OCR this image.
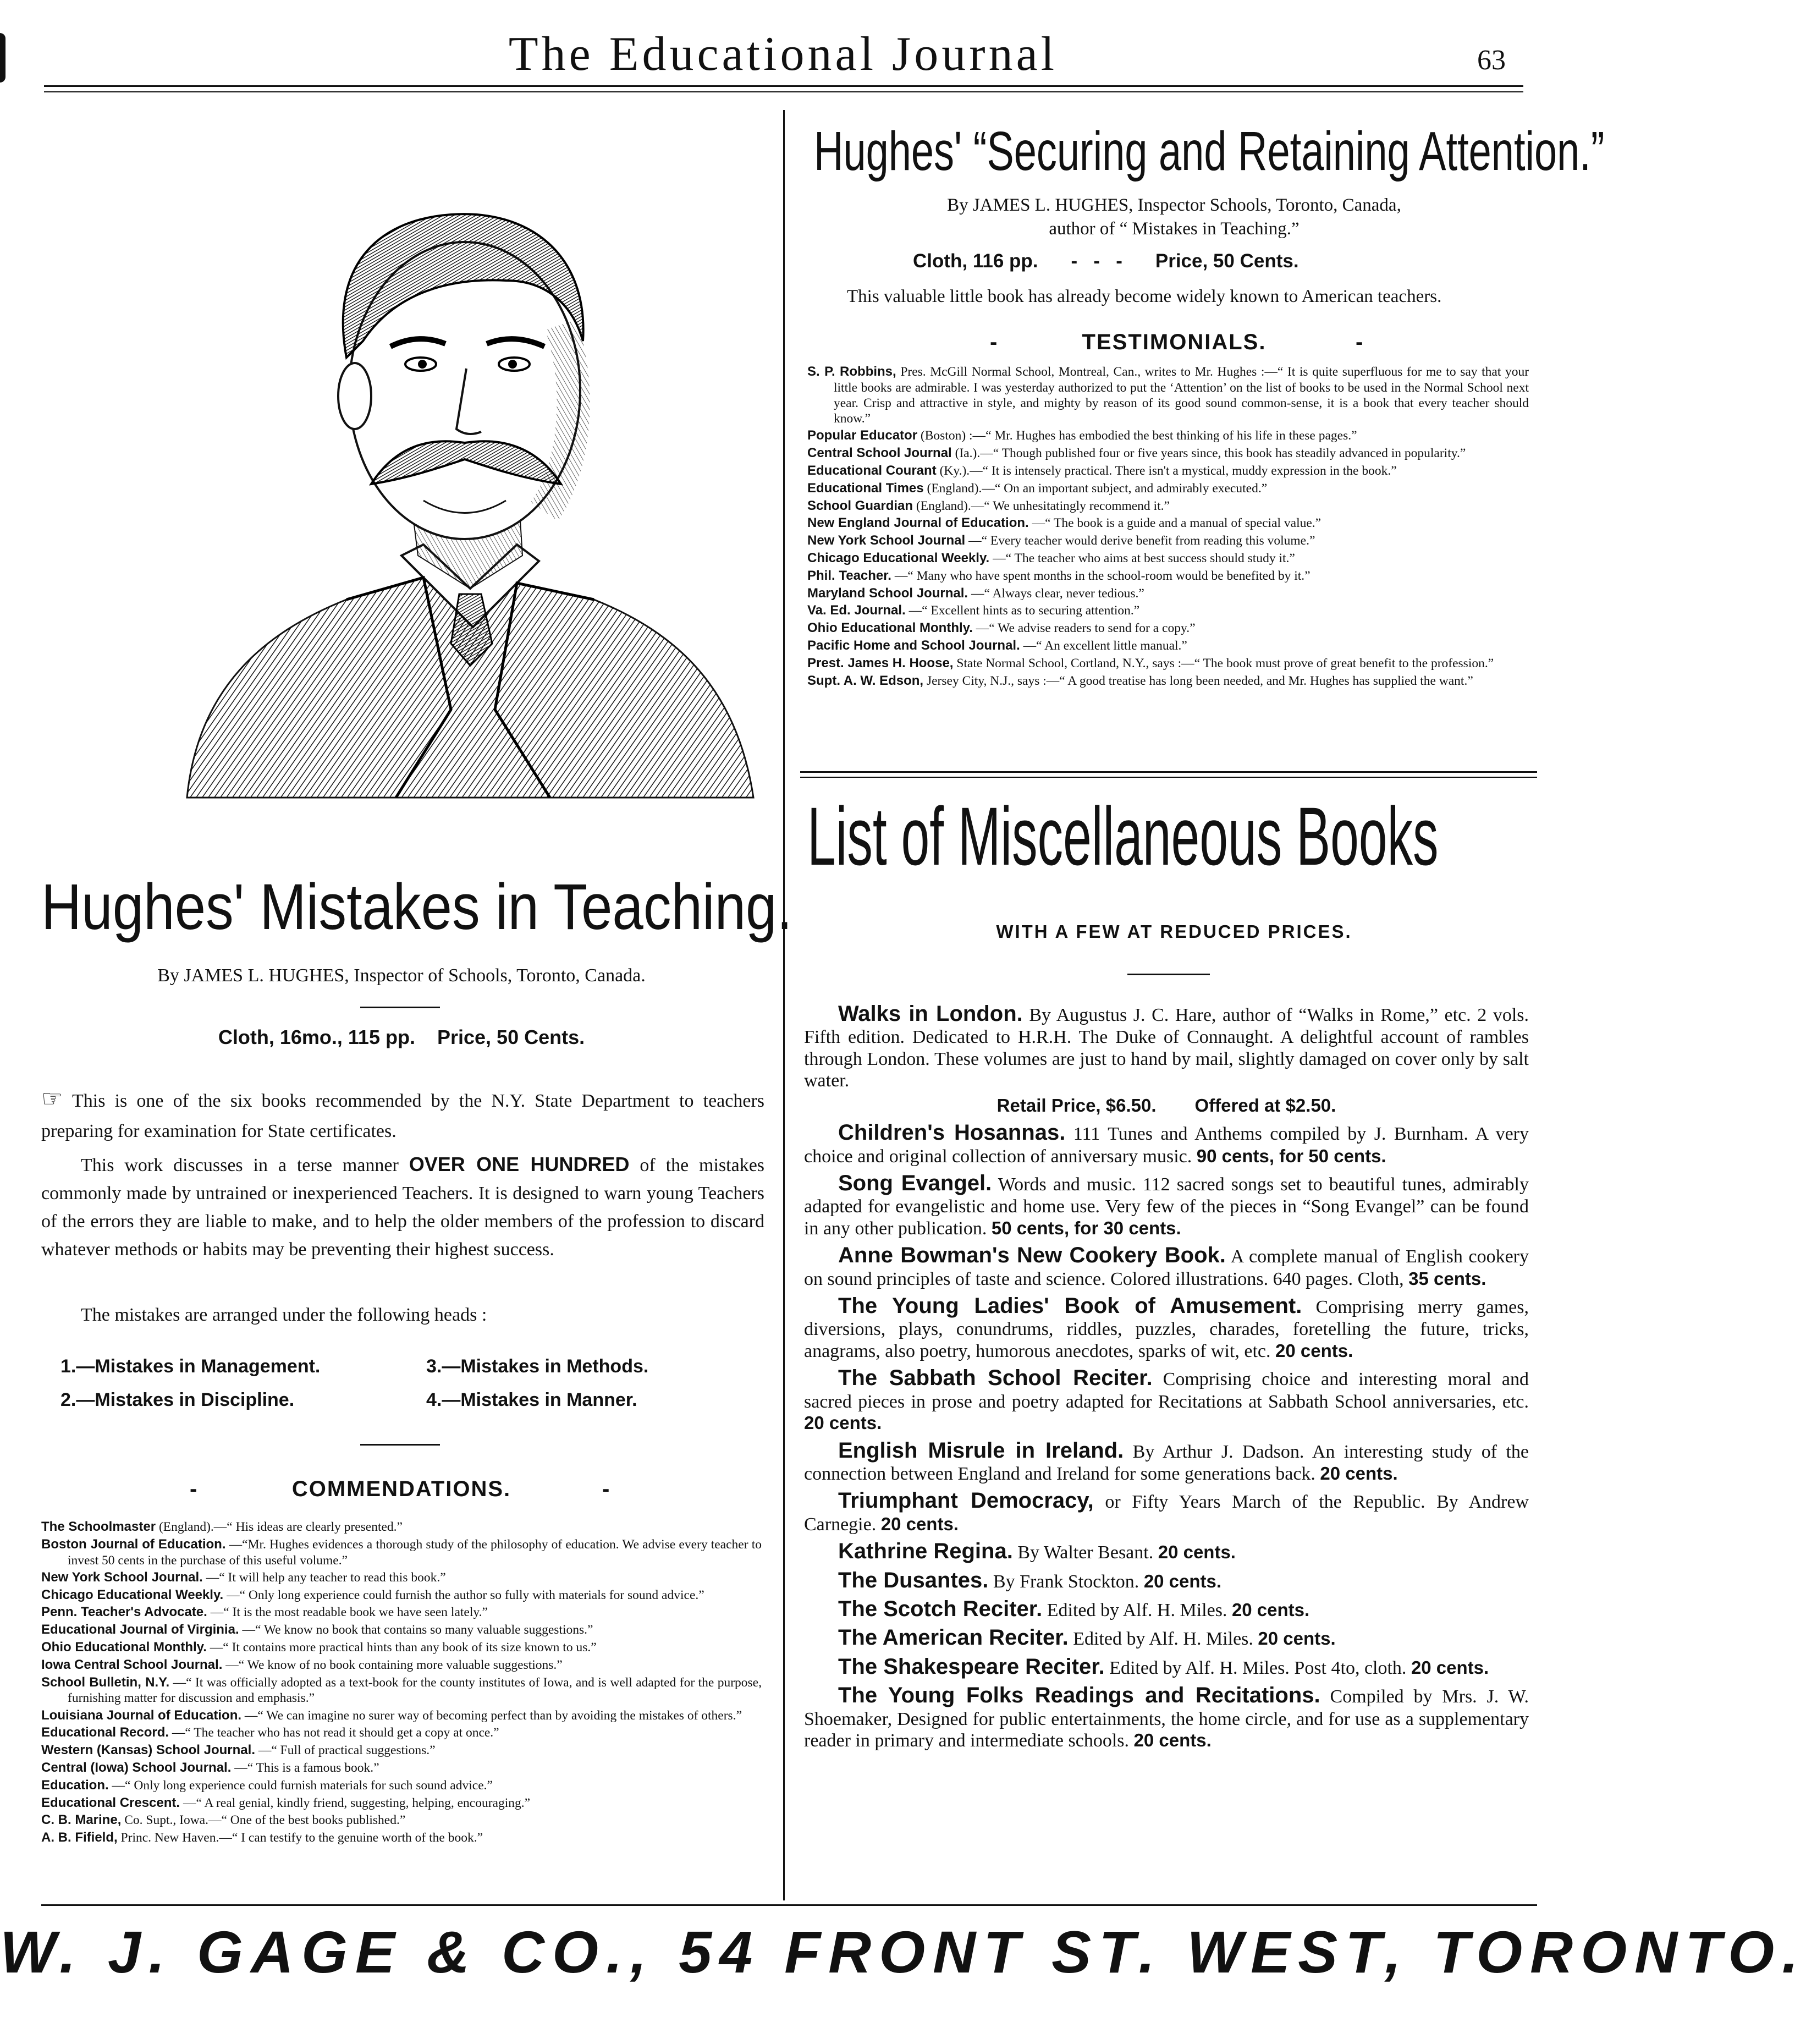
The Educational Journal	63
Hughes' Mistakes in Teaching.
By JAMES L. HUGHES, Inspector of Schools, Toronto, Canada.
Cloth, 16mo., 115 pp. Price, 50 Cents.
☞ This is one of the six books recommended by the N.Y. State Department to teachers preparing for examination for State certificates.
This work discusses in a terse manner OVER ONE HUNDRED of the mistakes commonly made by untrained or inexperienced Teachers. It is designed to warn young Teachers of the errors they are liable to make, and to help the older members of the profession to discard whatever methods or habits may be preventing their highest success.
The mistakes are arranged under the following heads :
1.—Mistakes in Management.	3.—Mistakes in Methods.
2.—Mistakes in Discipline.	4.—Mistakes in Manner.
-	COMMENDATIONS.	-
The Schoolmaster (England).—“ His ideas are clearly presented.”
Boston Journal of Education. —“Mr. Hughes evidences a thorough study of the philosophy of education. We advise every teacher to invest 50 cents in the purchase of this useful volume.”
New York School Journal. —“ It will help any teacher to read this book.”
Chicago Educational Weekly. —“ Only long experience could furnish the author so fully with materials for sound advice.”
Penn. Teacher's Advocate. —“ It is the most readable book we have seen lately.”
Educational Journal of Virginia. —“ We know no book that contains so many valuable suggestions.”
Ohio Educational Monthly. —“ It contains more practical hints than any book of its size known to us.”
Iowa Central School Journal. —“ We know of no book containing more valuable suggestions.”
School Bulletin, N.Y. —“ It was officially adopted as a text-book for the county institutes of Iowa, and is well adapted for the purpose, furnishing matter for discussion and emphasis.”
Louisiana Journal of Education. —“ We can imagine no surer way of becoming perfect than by avoiding the mistakes of others.”
Educational Record. —“ The teacher who has not read it should get a copy at once.”
Western (Kansas) School Journal. —“ Full of practical suggestions.”
Central (Iowa) School Journal. —“ This is a famous book.”
Education. —“ Only long experience could furnish materials for such sound advice.”
Educational Crescent. —“ A real genial, kindly friend, suggesting, helping, encouraging.”
C. B. Marine, Co. Supt., Iowa.—“ One of the best books published.”
A. B. Fifield, Princ. New Haven.—“ I can testify to the genuine worth of the book.”
Hughes' “Securing and Retaining Attention.”
By JAMES L. HUGHES, Inspector Schools, Toronto, Canada,
author of “ Mistakes in Teaching.”
Cloth, 116 pp. -   -   - Price, 50 Cents.
This valuable little book has already become widely known to American teachers.
-	TESTIMONIALS.	-
S. P. Robbins, Pres. McGill Normal School, Montreal, Can., writes to Mr. Hughes :—“ It is quite superfluous for me to say that your little books are admirable. I was yesterday authorized to put the ‘Attention’ on the list of books to be used in the Normal School next year. Crisp and attractive in style, and mighty by reason of its good sound common-sense, it is a book that every teacher should know.”
Popular Educator (Boston) :—“ Mr. Hughes has embodied the best thinking of his life in these pages.”
Central School Journal (Ia.).—“ Though published four or five years since, this book has steadily advanced in popularity.”
Educational Courant (Ky.).—“ It is intensely practical. There isn't a mystical, muddy expression in the book.”
Educational Times (England).—“ On an important subject, and admirably executed.”
School Guardian (England).—“ We unhesitatingly recommend it.”
New England Journal of Education. —“ The book is a guide and a manual of special value.”
New York School Journal —“ Every teacher would derive benefit from reading this volume.”
Chicago Educational Weekly. —“ The teacher who aims at best success should study it.”
Phil. Teacher. —“ Many who have spent months in the school-room would be benefited by it.”
Maryland School Journal. —“ Always clear, never tedious.”
Va. Ed. Journal. —“ Excellent hints as to securing attention.”
Ohio Educational Monthly. —“ We advise readers to send for a copy.”
Pacific Home and School Journal. —“ An excellent little manual.”
Prest. James H. Hoose, State Normal School, Cortland, N.Y., says :—“ The book must prove of great benefit to the profession.”
Supt. A. W. Edson, Jersey City, N.J., says :—“ A good treatise has long been needed, and Mr. Hughes has supplied the want.”
List of Miscellaneous Books
WITH A FEW AT REDUCED PRICES.
Walks in London. By Augustus J. C. Hare, author of “Walks in Rome,” etc. 2 vols. Fifth edition. Dedicated to H.R.H. The Duke of Connaught. A delightful account of rambles through London. These volumes are just to hand by mail, slightly damaged on cover only by salt water.
Retail Price, $6.50. Offered at $2.50.
Children's Hosannas. 111 Tunes and Anthems compiled by J. Burnham. A very choice and original collection of anniversary music. 90 cents, for 50 cents.
Song Evangel. Words and music. 112 sacred songs set to beautiful tunes, admirably adapted for evangelistic and home use. Very few of the pieces in “Song Evangel” can be found in any other publication. 50 cents, for 30 cents.
Anne Bowman's New Cookery Book. A complete manual of English cookery on sound principles of taste and science. Colored illustrations. 640 pages. Cloth, 35 cents.
The Young Ladies' Book of Amusement. Comprising merry games, diversions, plays, conundrums, riddles, puzzles, charades, foretelling the future, tricks, anagrams, also poetry, humorous anecdotes, sparks of wit, etc. 20 cents.
The Sabbath School Reciter. Comprising choice and interesting moral and sacred pieces in prose and poetry adapted for Recitations at Sabbath School anniversaries, etc. 20 cents.
English Misrule in Ireland. By Arthur J. Dadson. An interesting study of the connection between England and Ireland for some generations back. 20 cents.
Triumphant Democracy, or Fifty Years March of the Republic. By Andrew Carnegie. 20 cents.
Kathrine Regina. By Walter Besant. 20 cents.
The Dusantes. By Frank Stockton. 20 cents.
The Scotch Reciter. Edited by Alf. H. Miles. 20 cents.
The American Reciter. Edited by Alf. H. Miles. 20 cents.
The Shakespeare Reciter. Edited by Alf. H. Miles. Post 4to, cloth. 20 cents.
The Young Folks Readings and Recitations. Compiled by Mrs. J. W. Shoemaker, Designed for public entertainments, the home circle, and for use as a supplementary reader in primary and intermediate schools. 20 cents.
W. J. GAGE & CO., 54 FRONT ST. WEST, TORONTO.
